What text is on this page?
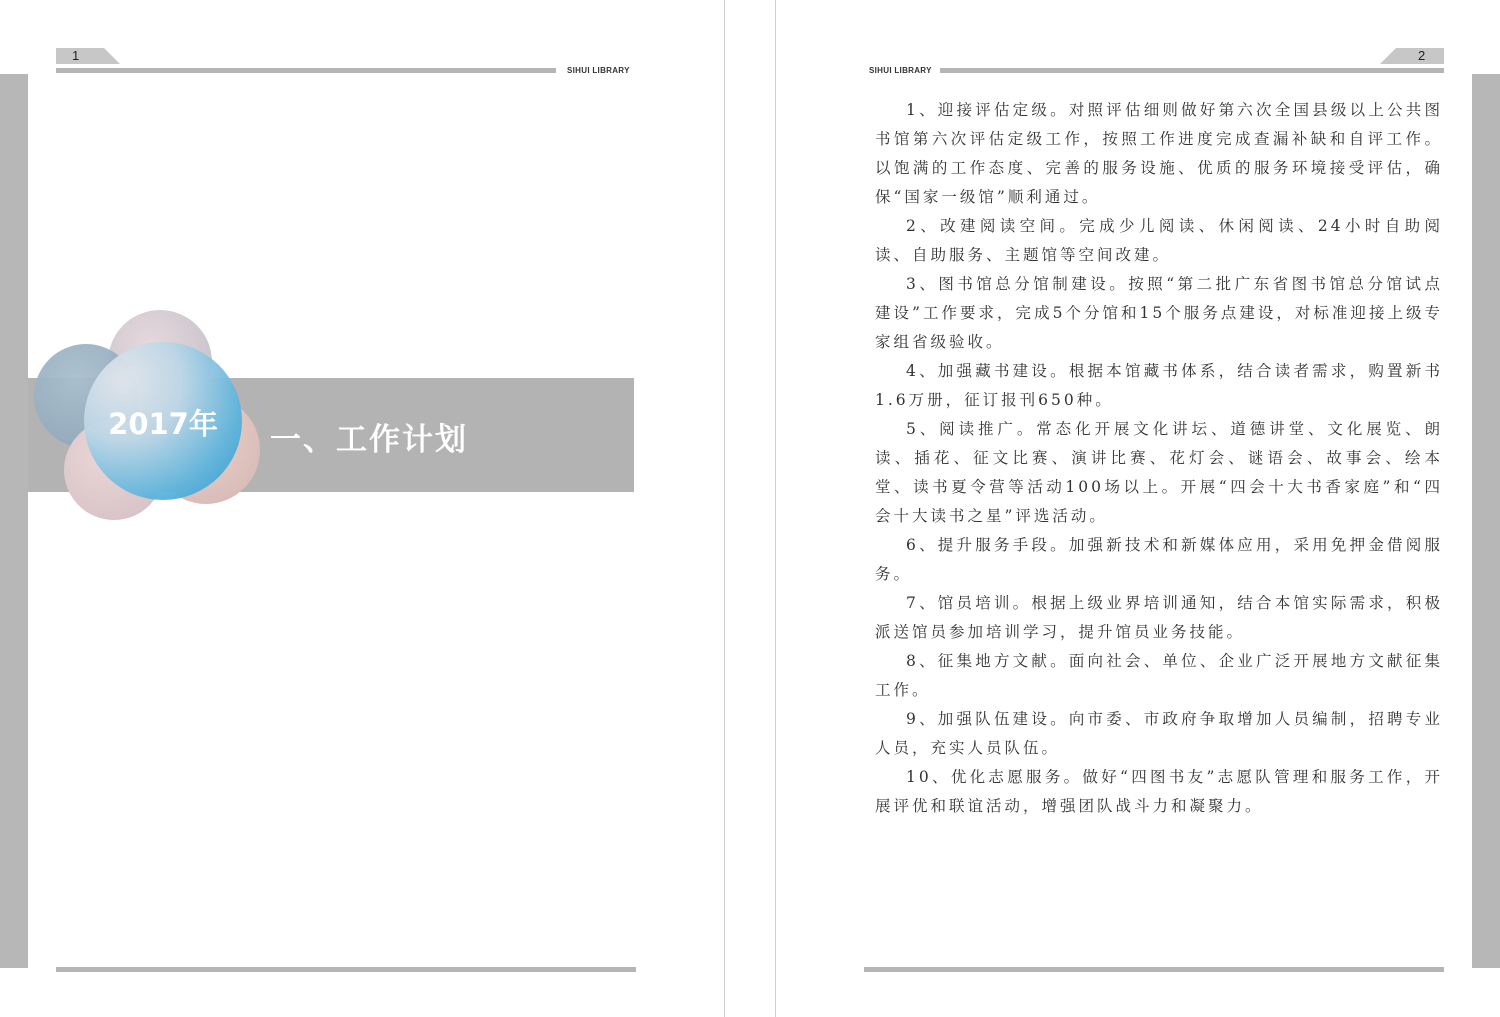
1
SIHUI LIBRARY
2017年	一、工作计划
SIHUI LIBRARY
2
1、迎接评估定级。对照评估细则做好第六次全国县级以上公共图书馆第六次评估定级工作，按照工作进度完成查漏补缺和自评工作。以饱满的工作态度、完善的服务设施、优质的服务环境接受评估，确保“国家一级馆”顺利通过。
2、改建阅读空间。完成少儿阅读、休闲阅读、24小时自助阅读、自助服务、主题馆等空间改建。
3、图书馆总分馆制建设。按照“第二批广东省图书馆总分馆试点建设”工作要求，完成5个分馆和15个服务点建设，对标准迎接上级专家组省级验收。
4、加强藏书建设。根据本馆藏书体系，结合读者需求，购置新书1.6万册，征订报刊650种。
5、阅读推广。常态化开展文化讲坛、道德讲堂、文化展览、朗读、插花、征文比赛、演讲比赛、花灯会、谜语会、故事会、绘本堂、读书夏令营等活动100场以上。开展“四会十大书香家庭”和“四会十大读书之星”评选活动。
6、提升服务手段。加强新技术和新媒体应用，采用免押金借阅服务。
7、馆员培训。根据上级业界培训通知，结合本馆实际需求，积极派送馆员参加培训学习，提升馆员业务技能。
8、征集地方文献。面向社会、单位、企业广泛开展地方文献征集工作。
9、加强队伍建设。向市委、市政府争取增加人员编制，招聘专业人员，充实人员队伍。
10、优化志愿服务。做好“四图书友”志愿队管理和服务工作，开展评优和联谊活动，增强团队战斗力和凝聚力。
